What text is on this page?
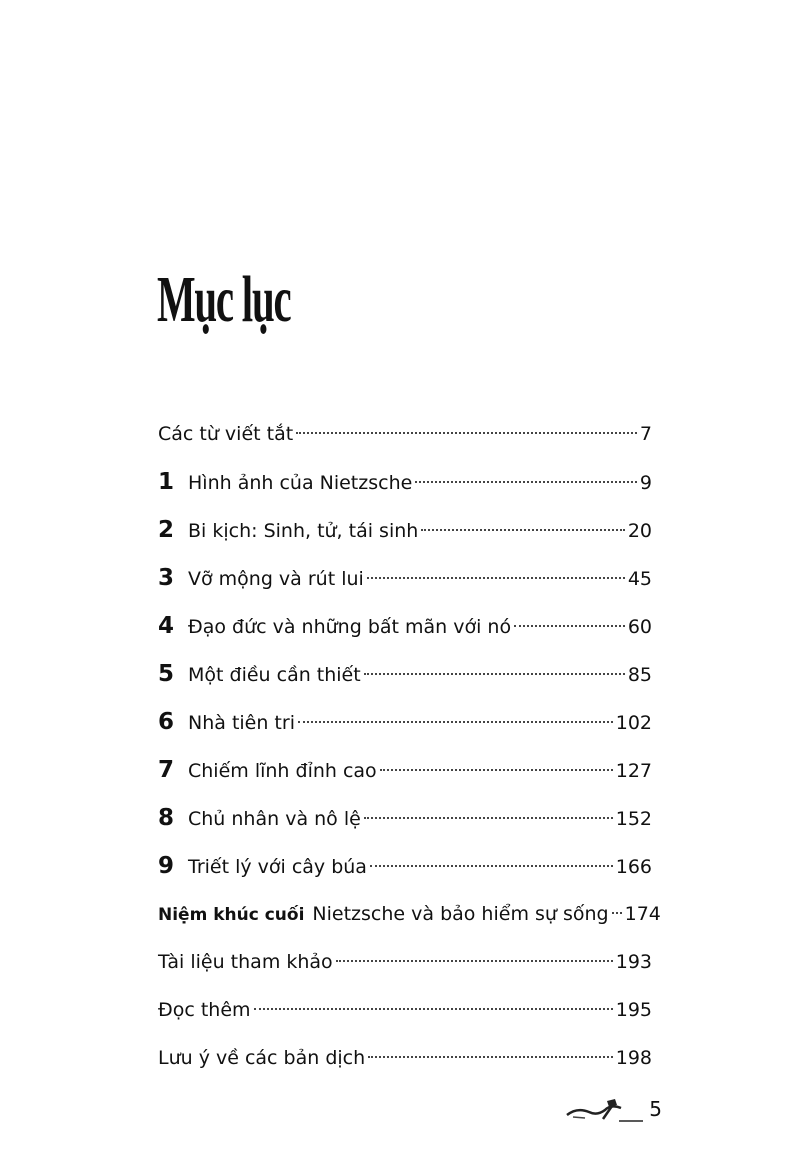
Mục lục
Các từ viết tắt	7
1 Hình ảnh của Nietzsche	9
2 Bi kịch: Sinh, tử, tái sinh	20
3 Vỡ mộng và rút lui	45
4 Đạo đức và những bất mãn với nó	60
5 Một điều cần thiết	85
6 Nhà tiên tri	102
7 Chiếm lĩnh đỉnh cao	127
8 Chủ nhân và nô lệ	152
9 Triết lý với cây búa	166
Niệm khúc cuối Nietzsche và bảo hiểm sự sống 174
Tài liệu tham khảo	193
Đọc thêm	195
Lưu ý về các bản dịch	198
5
